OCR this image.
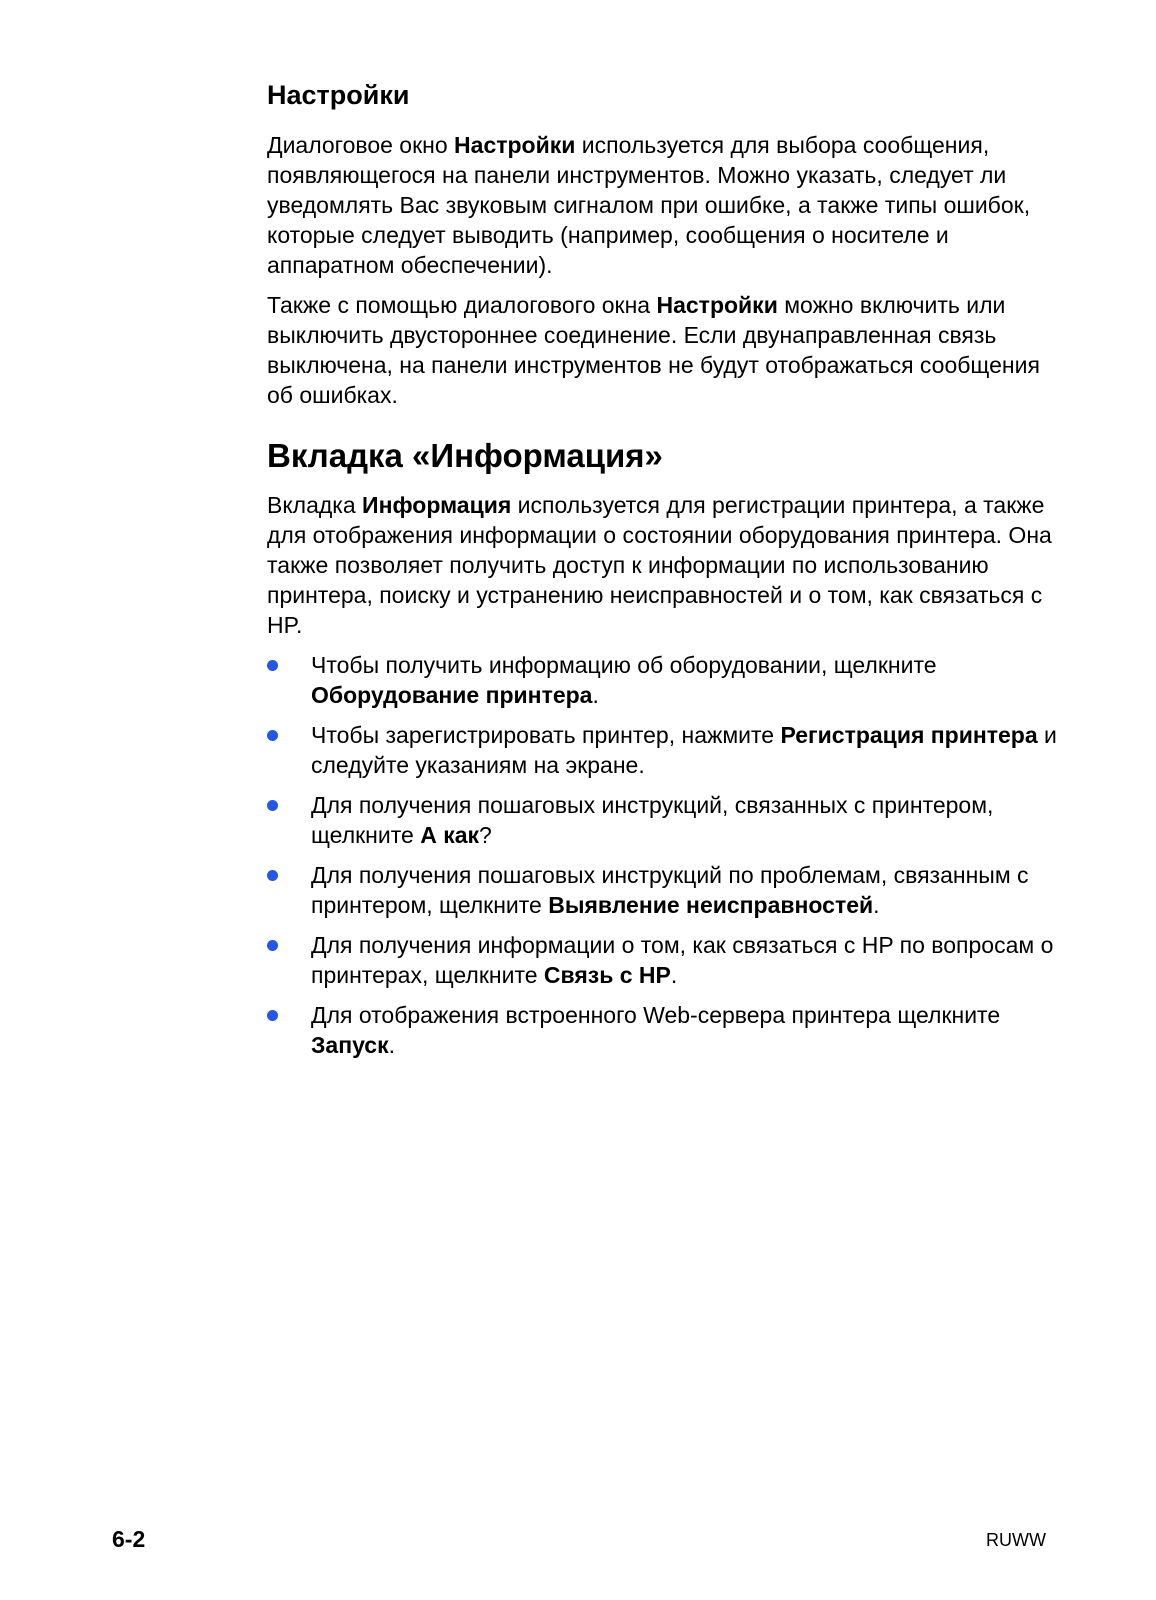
Настройки

Диалоговое окно Настройки используется для выбора сообщения, появляющегося на панели инструментов. Можно указать, следует ли уведомлять Вас звуковым сигналом при ошибке, а также типы ошибок, которые следует выводить (например, сообщения о носителе и аппаратном обеспечении).

Также с помощью диалогового окна Настройки можно включить или выключить двустороннее соединение. Если двунаправленная связь выключена, на панели инструментов не будут отображаться сообщения об ошибках.

Вкладка «Информация»

Вкладка Информация используется для регистрации принтера, а также для отображения информации о состоянии оборудования принтера. Она также позволяет получить доступ к информации по использованию принтера, поиску и устранению неисправностей и о том, как связаться с HP.

Чтобы получить информацию об оборудовании, щелкните Оборудование принтера.
Чтобы зарегистрировать принтер, нажмите Регистрация принтера и следуйте указаниям на экране.
Для получения пошаговых инструкций, связанных с принтером, щелкните А как?
Для получения пошаговых инструкций по проблемам, связанным с принтером, щелкните Выявление неисправностей.
Для получения информации о том, как связаться с HP по вопросам о принтерах, щелкните Связь с HP.
Для отображения встроенного Web-сервера принтера щелкните Запуск.
6-2	RUWW
